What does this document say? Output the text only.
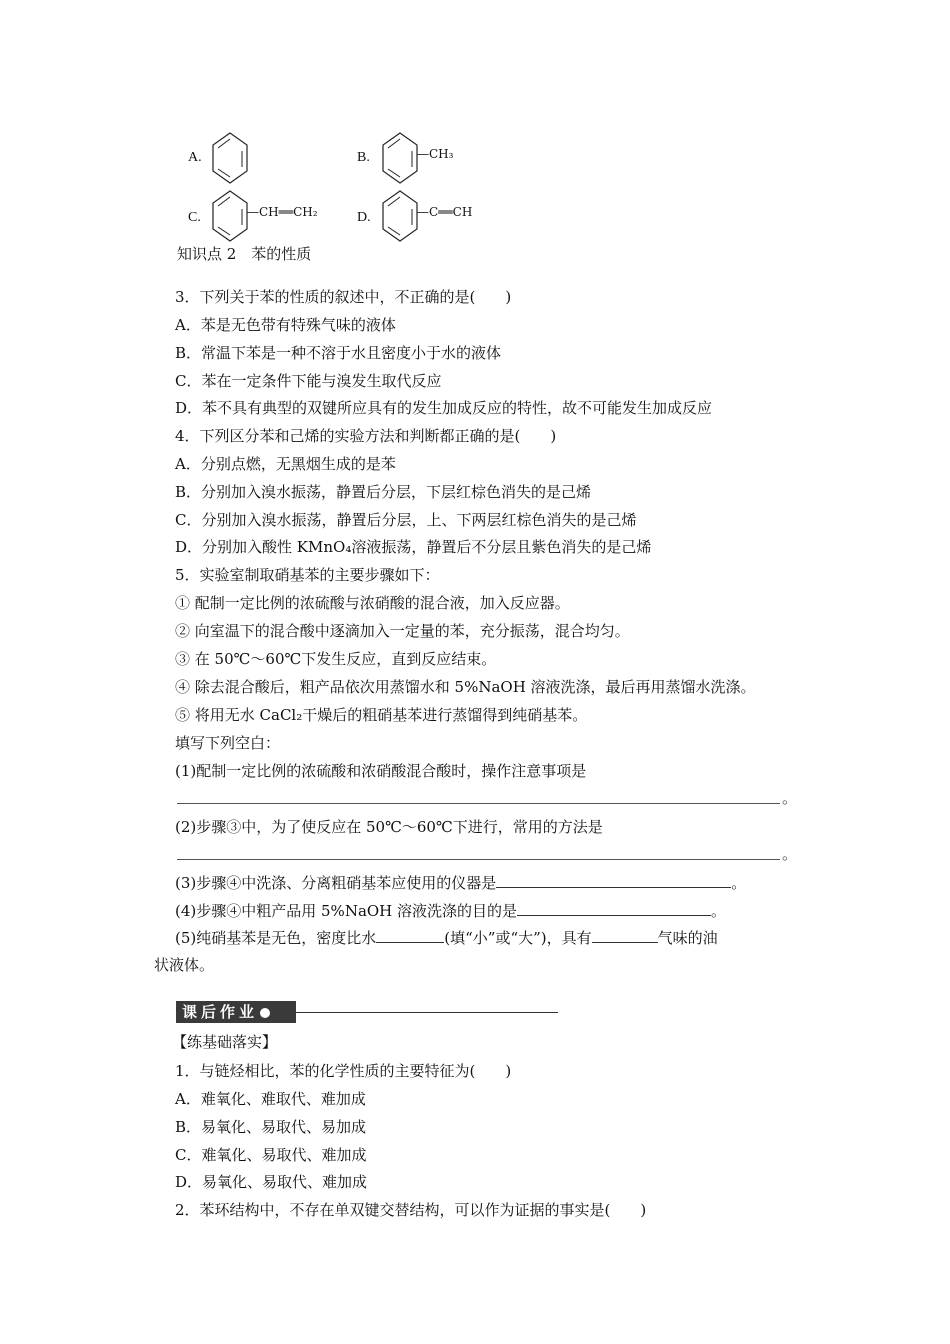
A.	B.	—CH₃
C.	—CH══CH₂	D.	—C══CH
知识点 2　苯的性质
3．下列关于苯的性质的叙述中，不正确的是(　　)
A．苯是无色带有特殊气味的液体
B．常温下苯是一种不溶于水且密度小于水的液体
C．苯在一定条件下能与溴发生取代反应
D．苯不具有典型的双键所应具有的发生加成反应的特性，故不可能发生加成反应
4．下列区分苯和己烯的实验方法和判断都正确的是(　　)
A．分别点燃，无黑烟生成的是苯
B．分别加入溴水振荡，静置后分层，下层红棕色消失的是己烯
C．分别加入溴水振荡，静置后分层，上、下两层红棕色消失的是己烯
D．分别加入酸性 KMnO₄溶液振荡，静置后不分层且紫色消失的是己烯
5．实验室制取硝基苯的主要步骤如下：
① 配制一定比例的浓硫酸与浓硝酸的混合液，加入反应器。
② 向室温下的混合酸中逐滴加入一定量的苯，充分振荡，混合均匀。
③ 在 50℃～60℃下发生反应，直到反应结束。
④ 除去混合酸后，粗产品依次用蒸馏水和 5%NaOH 溶液洗涤，最后再用蒸馏水洗涤。
⑤ 将用无水 CaCl₂干燥后的粗硝基苯进行蒸馏得到纯硝基苯。
填写下列空白：
(1)配制一定比例的浓硫酸和浓硝酸混合酸时，操作注意事项是
。
(2)步骤③中，为了使反应在 50℃～60℃下进行，常用的方法是
。
(3)步骤④中洗涤、分离粗硝基苯应使用的仪器是	。
(4)步骤④中粗产品用 5%NaOH 溶液洗涤的目的是	。
(5)纯硝基苯是无色，密度比水	(填“小”或“大”)，具有	气味的油
状液体。
课后作业
【练基础落实】
1．与链烃相比，苯的化学性质的主要特征为(　　)
A．难氧化、难取代、难加成
B．易氧化、易取代、易加成
C．难氧化、易取代、难加成
D．易氧化、易取代、难加成
2．苯环结构中，不存在单双键交替结构，可以作为证据的事实是(　　)
